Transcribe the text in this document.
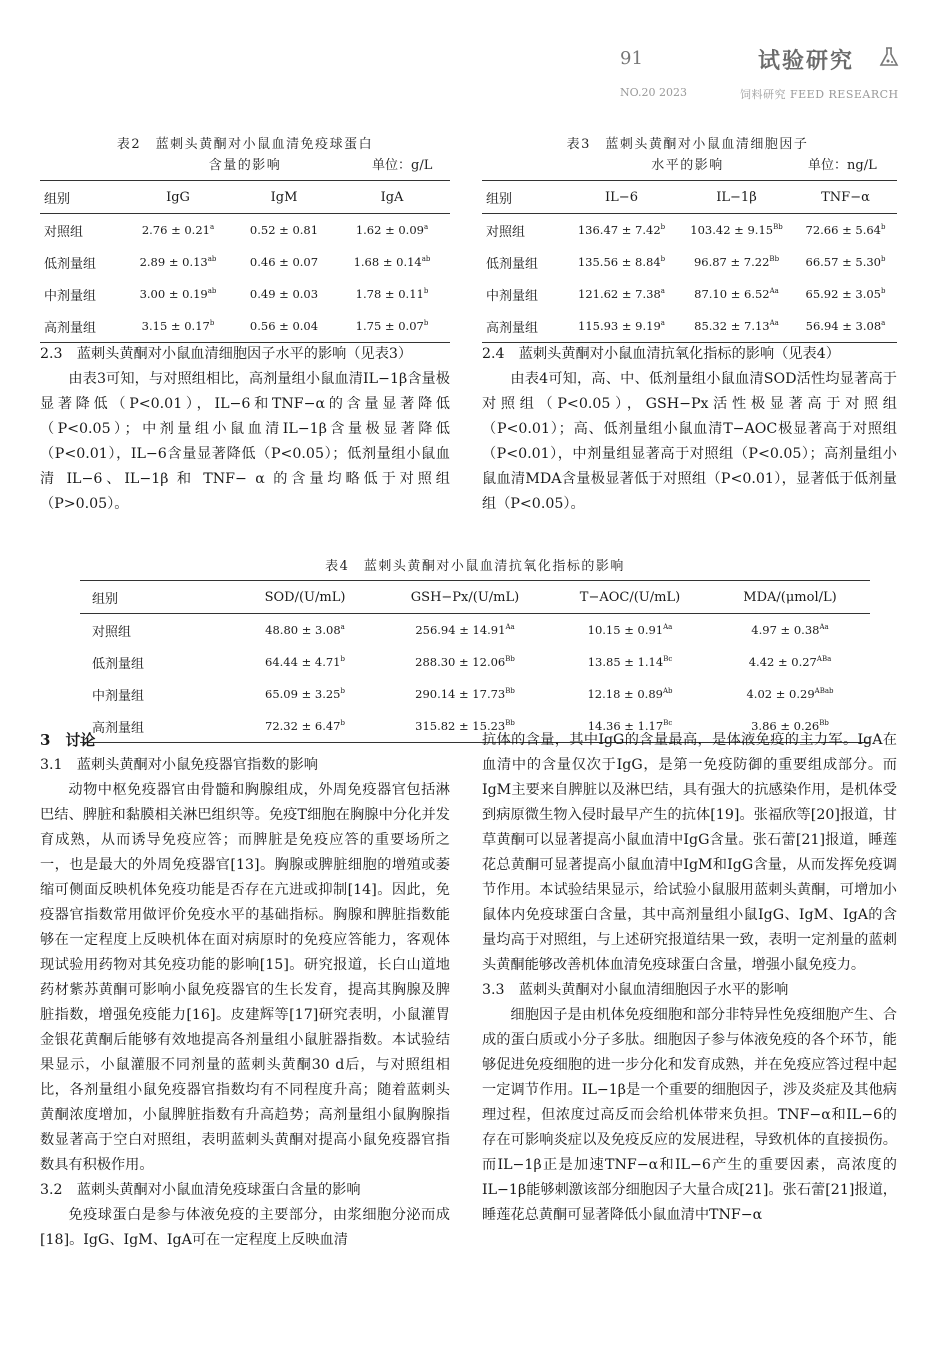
91	试验研究
NO.20 2023	饲料研究 FEED RESEARCH
表2　蓝刺头黄酮对小鼠血清免疫球蛋白
含量的影响	单位：g/L
组别	IgG	IgM	IgA
对照组	2.76 ± 0.21$^a$	0.52 ± 0.81	1.62 ± 0.09$^a$
低剂量组	2.89 ± 0.13$^{ab}$	0.46 ± 0.07	1.68 ± 0.14$^{ab}$
中剂量组	3.00 ± 0.19$^{ab}$	0.49 ± 0.03	1.78 ± 0.11$^b$
高剂量组	3.15 ± 0.17$^b$	0.56 ± 0.04	1.75 ± 0.07$^b$
表3　蓝刺头黄酮对小鼠血清细胞因子
水平的影响	单位：ng/L
组别	IL−6	IL−1β	TNF−α
对照组	136.47 ± 7.42$^b$	$103.42 \pm 9.15^{Bb}$	72.66 ± 5.64$^b$
低剂量组	135.56 ± 8.84$^b$	$96.87 \pm 7.22^{Bb}$	66.57 ± 5.30$^b$
中剂量组	121.62 ± 7.38$^a$	$87.10 \pm 6.52^{Aa}$	65.92 ± 3.05$^b$
高剂量组	115.93 ± 9.19$^a$	$85.32 \pm 7.13^{Aa}$	56.94 ± 3.08$^a$
2.3　蓝刺头黄酮对小鼠血清细胞因子水平的影响（见表3）

由表3可知，与对照组相比，高剂量组小鼠血清IL−1β含量极显著降低（P<0.01），IL−6和TNF−α的含量显著降低（P<0.05）；中剂量组小鼠血清IL−1β含量极显著降低（P<0.01），IL−6含量显著降低（P<0.05）；低剂量组小鼠血清 IL−6、IL−1β 和 TNF− α 的含量均略低于对照组（P>0.05）。

2.4　蓝刺头黄酮对小鼠血清抗氧化指标的影响（见表4）

由表4可知，高、中、低剂量组小鼠血清SOD活性均显著高于对照组（P<0.05），GSH−Px活性极显著高于对照组（P<0.01）；高、低剂量组小鼠血清T−AOC极显著高于对照组（P<0.01），中剂量组显著高于对照组（P<0.05）；高剂量组小鼠血清MDA含量极显著低于对照组（P<0.01），显著低于低剂量组（P<0.05）。

表4　蓝刺头黄酮对小鼠血清抗氧化指标的影响
组别	SOD/(U/mL)	GSH−Px/(U/mL)	T−AOC/(U/mL)	MDA/(μmol/L)
对照组	48.80 ± 3.08$^a$	$256.94 \pm 14.91^{Aa}$	$10.15 \pm 0.91^{Aa}$	$4.97 \pm 0.38^{Aa}$
低剂量组	64.44 ± 4.71$^b$	$288.30 \pm 12.06^{Bb}$	$13.85 \pm 1.14^{Bc}$	$4.42 \pm 0.27^{ABa}$
中剂量组	65.09 ± 3.25$^b$	$290.14 \pm 17.73^{Bb}$	$12.18 \pm 0.89^{Ab}$	$4.02 \pm 0.29^{ABab}$
高剂量组	72.32 ± 6.47$^b$	$315.82 \pm 15.23^{Bb}$	$14.36 \pm 1.17^{Bc}$	$3.86 \pm 0.26^{Bb}$
3　讨论
3.1　蓝刺头黄酮对小鼠免疫器官指数的影响

动物中枢免疫器官由骨髓和胸腺组成，外周免疫器官包括淋巴结、脾脏和黏膜相关淋巴组织等。免疫T细胞在胸腺中分化并发育成熟，从而诱导免疫应答；而脾脏是免疫应答的重要场所之一，也是最大的外周免疫器官[13]。胸腺或脾脏细胞的增殖或萎缩可侧面反映机体免疫功能是否存在亢进或抑制[14]。因此，免疫器官指数常用做评价免疫水平的基础指标。胸腺和脾脏指数能够在一定程度上反映机体在面对病原时的免疫应答能力，客观体现试验用药物对其免疫功能的影响[15]。研究报道，长白山道地药材紫苏黄酮可影响小鼠免疫器官的生长发育，提高其胸腺及脾脏指数，增强免疫能力[16]。皮建辉等[17]研究表明，小鼠灌胃金银花黄酮后能够有效地提高各剂量组小鼠脏器指数。本试验结果显示，小鼠灌服不同剂量的蓝刺头黄酮30 d后，与对照组相比，各剂量组小鼠免疫器官指数均有不同程度升高；随着蓝刺头黄酮浓度增加，小鼠脾脏指数有升高趋势；高剂量组小鼠胸腺指数显著高于空白对照组，表明蓝刺头黄酮对提高小鼠免疫器官指数具有积极作用。

3.2　蓝刺头黄酮对小鼠血清免疫球蛋白含量的影响

免疫球蛋白是参与体液免疫的主要部分，由浆细胞分泌而成[18]。IgG、IgM、IgA可在一定程度上反映血清

抗体的含量，其中IgG的含量最高，是体液免疫的主力军。IgA在血清中的含量仅次于IgG，是第一免疫防御的重要组成部分。而IgM主要来自脾脏以及淋巴结，具有强大的抗感染作用，是机体受到病原微生物入侵时最早产生的抗体[19]。张福欣等[20]报道，甘草黄酮可以显著提高小鼠血清中IgG含量。张石蕾[21]报道，睡莲花总黄酮可显著提高小鼠血清中IgM和IgG含量，从而发挥免疫调节作用。本试验结果显示，给试验小鼠服用蓝刺头黄酮，可增加小鼠体内免疫球蛋白含量，其中高剂量组小鼠IgG、IgM、IgA的含量均高于对照组，与上述研究报道结果一致，表明一定剂量的蓝刺头黄酮能够改善机体血清免疫球蛋白含量，增强小鼠免疫力。

3.3　蓝刺头黄酮对小鼠血清细胞因子水平的影响

细胞因子是由机体免疫细胞和部分非特异性免疫细胞产生、合成的蛋白质或小分子多肽。细胞因子参与体液免疫的各个环节，能够促进免疫细胞的进一步分化和发育成熟，并在免疫应答过程中起一定调节作用。IL−1β是一个重要的细胞因子，涉及炎症及其他病理过程，但浓度过高反而会给机体带来负担。TNF−α和IL−6的存在可影响炎症以及免疫反应的发展进程，导致机体的直接损伤。而IL−1β正是加速TNF−α和IL−6产生的重要因素，高浓度的IL−1β能够刺激该部分细胞因子大量合成[21]。张石蕾[21]报道，睡莲花总黄酮可显著降低小鼠血清中TNF−α
